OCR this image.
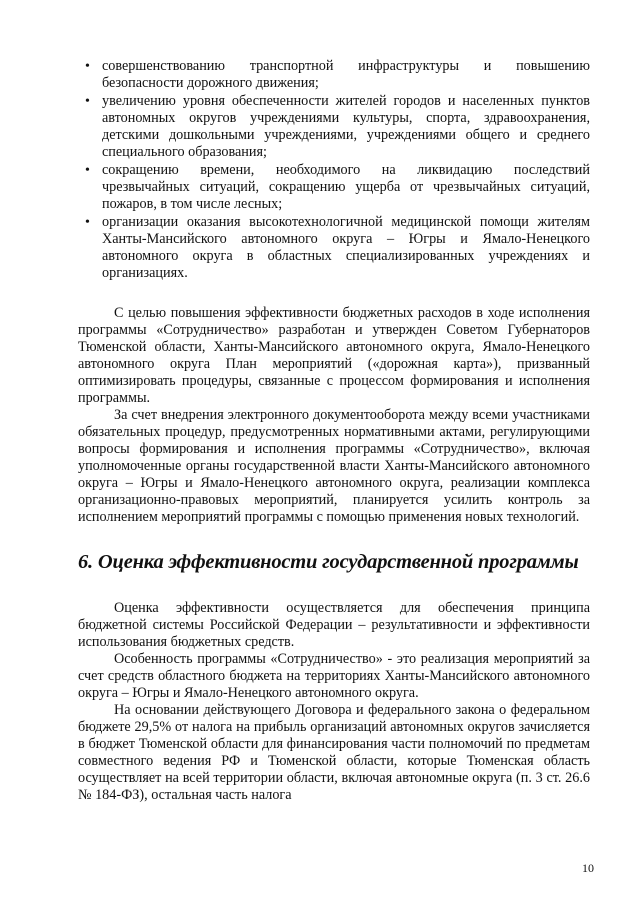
• совершенствованию транспортной инфраструктуры и повышению безопасности дорожного движения;
• увеличению уровня обеспеченности жителей городов и населенных пунктов автономных округов учреждениями культуры, спорта, здравоохранения, детскими дошкольными учреждениями, учреждениями общего и среднего специального образования;
• сокращению времени, необходимого на ликвидацию последствий чрезвычайных ситуаций, сокращению ущерба от чрезвычайных ситуаций, пожаров, в том числе лесных;
• организации оказания высокотехнологичной медицинской помощи жителям Ханты-Мансийского автономного округа – Югры и Ямало-Ненецкого автономного округа в областных специализированных учреждениях и организациях.

С целью повышения эффективности бюджетных расходов в ходе исполнения программы «Сотрудничество» разработан и утвержден Советом Губернаторов Тюменской области, Ханты-Мансийского автономного округа, Ямало-Ненецкого автономного округа План мероприятий («дорожная карта»), призванный оптимизировать процедуры, связанные с процессом формирования и исполнения программы.

За счет внедрения электронного документооборота между всеми участниками обязательных процедур, предусмотренных нормативными актами, регулирующими вопросы формирования и исполнения программы «Сотрудничество», включая уполномоченные органы государственной власти Ханты-Мансийского автономного округа – Югры и Ямало-Ненецкого автономного округа, реализации комплекса организационно-правовых мероприятий, планируется усилить контроль за исполнением мероприятий программы с помощью применения новых технологий.

6. Оценка эффективности государственной программы

Оценка эффективности осуществляется для обеспечения принципа бюджетной системы Российской Федерации – результативности и эффективности использования бюджетных средств.

Особенность программы «Сотрудничество» - это реализация мероприятий за счет средств областного бюджета на территориях Ханты-Мансийского автономного округа – Югры и Ямало-Ненецкого автономного округа.

На основании действующего Договора и федерального закона о федеральном бюджете 29,5% от налога на прибыль организаций автономных округов зачисляется в бюджет Тюменской области для финансирования части полномочий по предметам совместного ведения РФ и Тюменской области, которые Тюменская область осуществляет на всей территории области, включая автономные округа (п. 3 ст. 26.6 № 184-ФЗ), остальная часть налога

10
